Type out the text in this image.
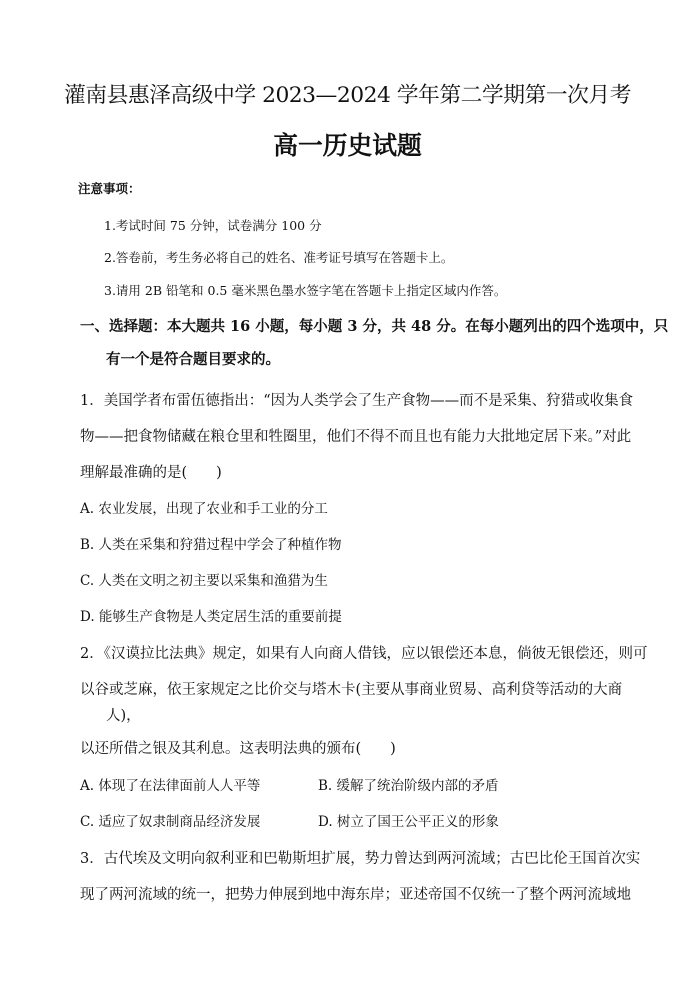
灌南县惠泽高级中学 2023—2024 学年第二学期第一次月考
高一历史试题
注意事项：
1.考试时间 75 分钟，试卷满分 100 分
2.答卷前，考生务必将自己的姓名、准考证号填写在答题卡上。
3.请用 2B 铅笔和 0.5 毫米黑色墨水签字笔在答题卡上指定区域内作答。
一、选择题：本大题共 16 小题，每小题 3 分，共 48 分。在每小题列出的四个选项中，只
有一个是符合题目要求的。
1．美国学者布雷伍德指出：“因为人类学会了生产食物——而不是采集、狩猎或收集食
物——把食物储藏在粮仓里和牲圈里，他们不得不而且也有能力大批地定居下来。”对此
理解最准确的是(　　)
A. 农业发展，出现了农业和手工业的分工
B. 人类在采集和狩猎过程中学会了种植作物
C. 人类在文明之初主要以采集和渔猎为生
D. 能够生产食物是人类定居生活的重要前提
2．《汉谟拉比法典》规定，如果有人向商人借钱，应以银偿还本息，倘彼无银偿还，则可
以谷或芝麻，依王家规定之比价交与塔木卡(主要从事商业贸易、高利贷等活动的大商
人)，
以还所借之银及其利息。这表明法典的颁布(　　)
A. 体现了在法律面前人人平等	B. 缓解了统治阶级内部的矛盾
C. 适应了奴隶制商品经济发展	D. 树立了国王公平正义的形象
3．古代埃及文明向叙利亚和巴勒斯坦扩展，势力曾达到两河流域；古巴比伦王国首次实
现了两河流域的统一，把势力伸展到地中海东岸；亚述帝国不仅统一了整个两河流域地
